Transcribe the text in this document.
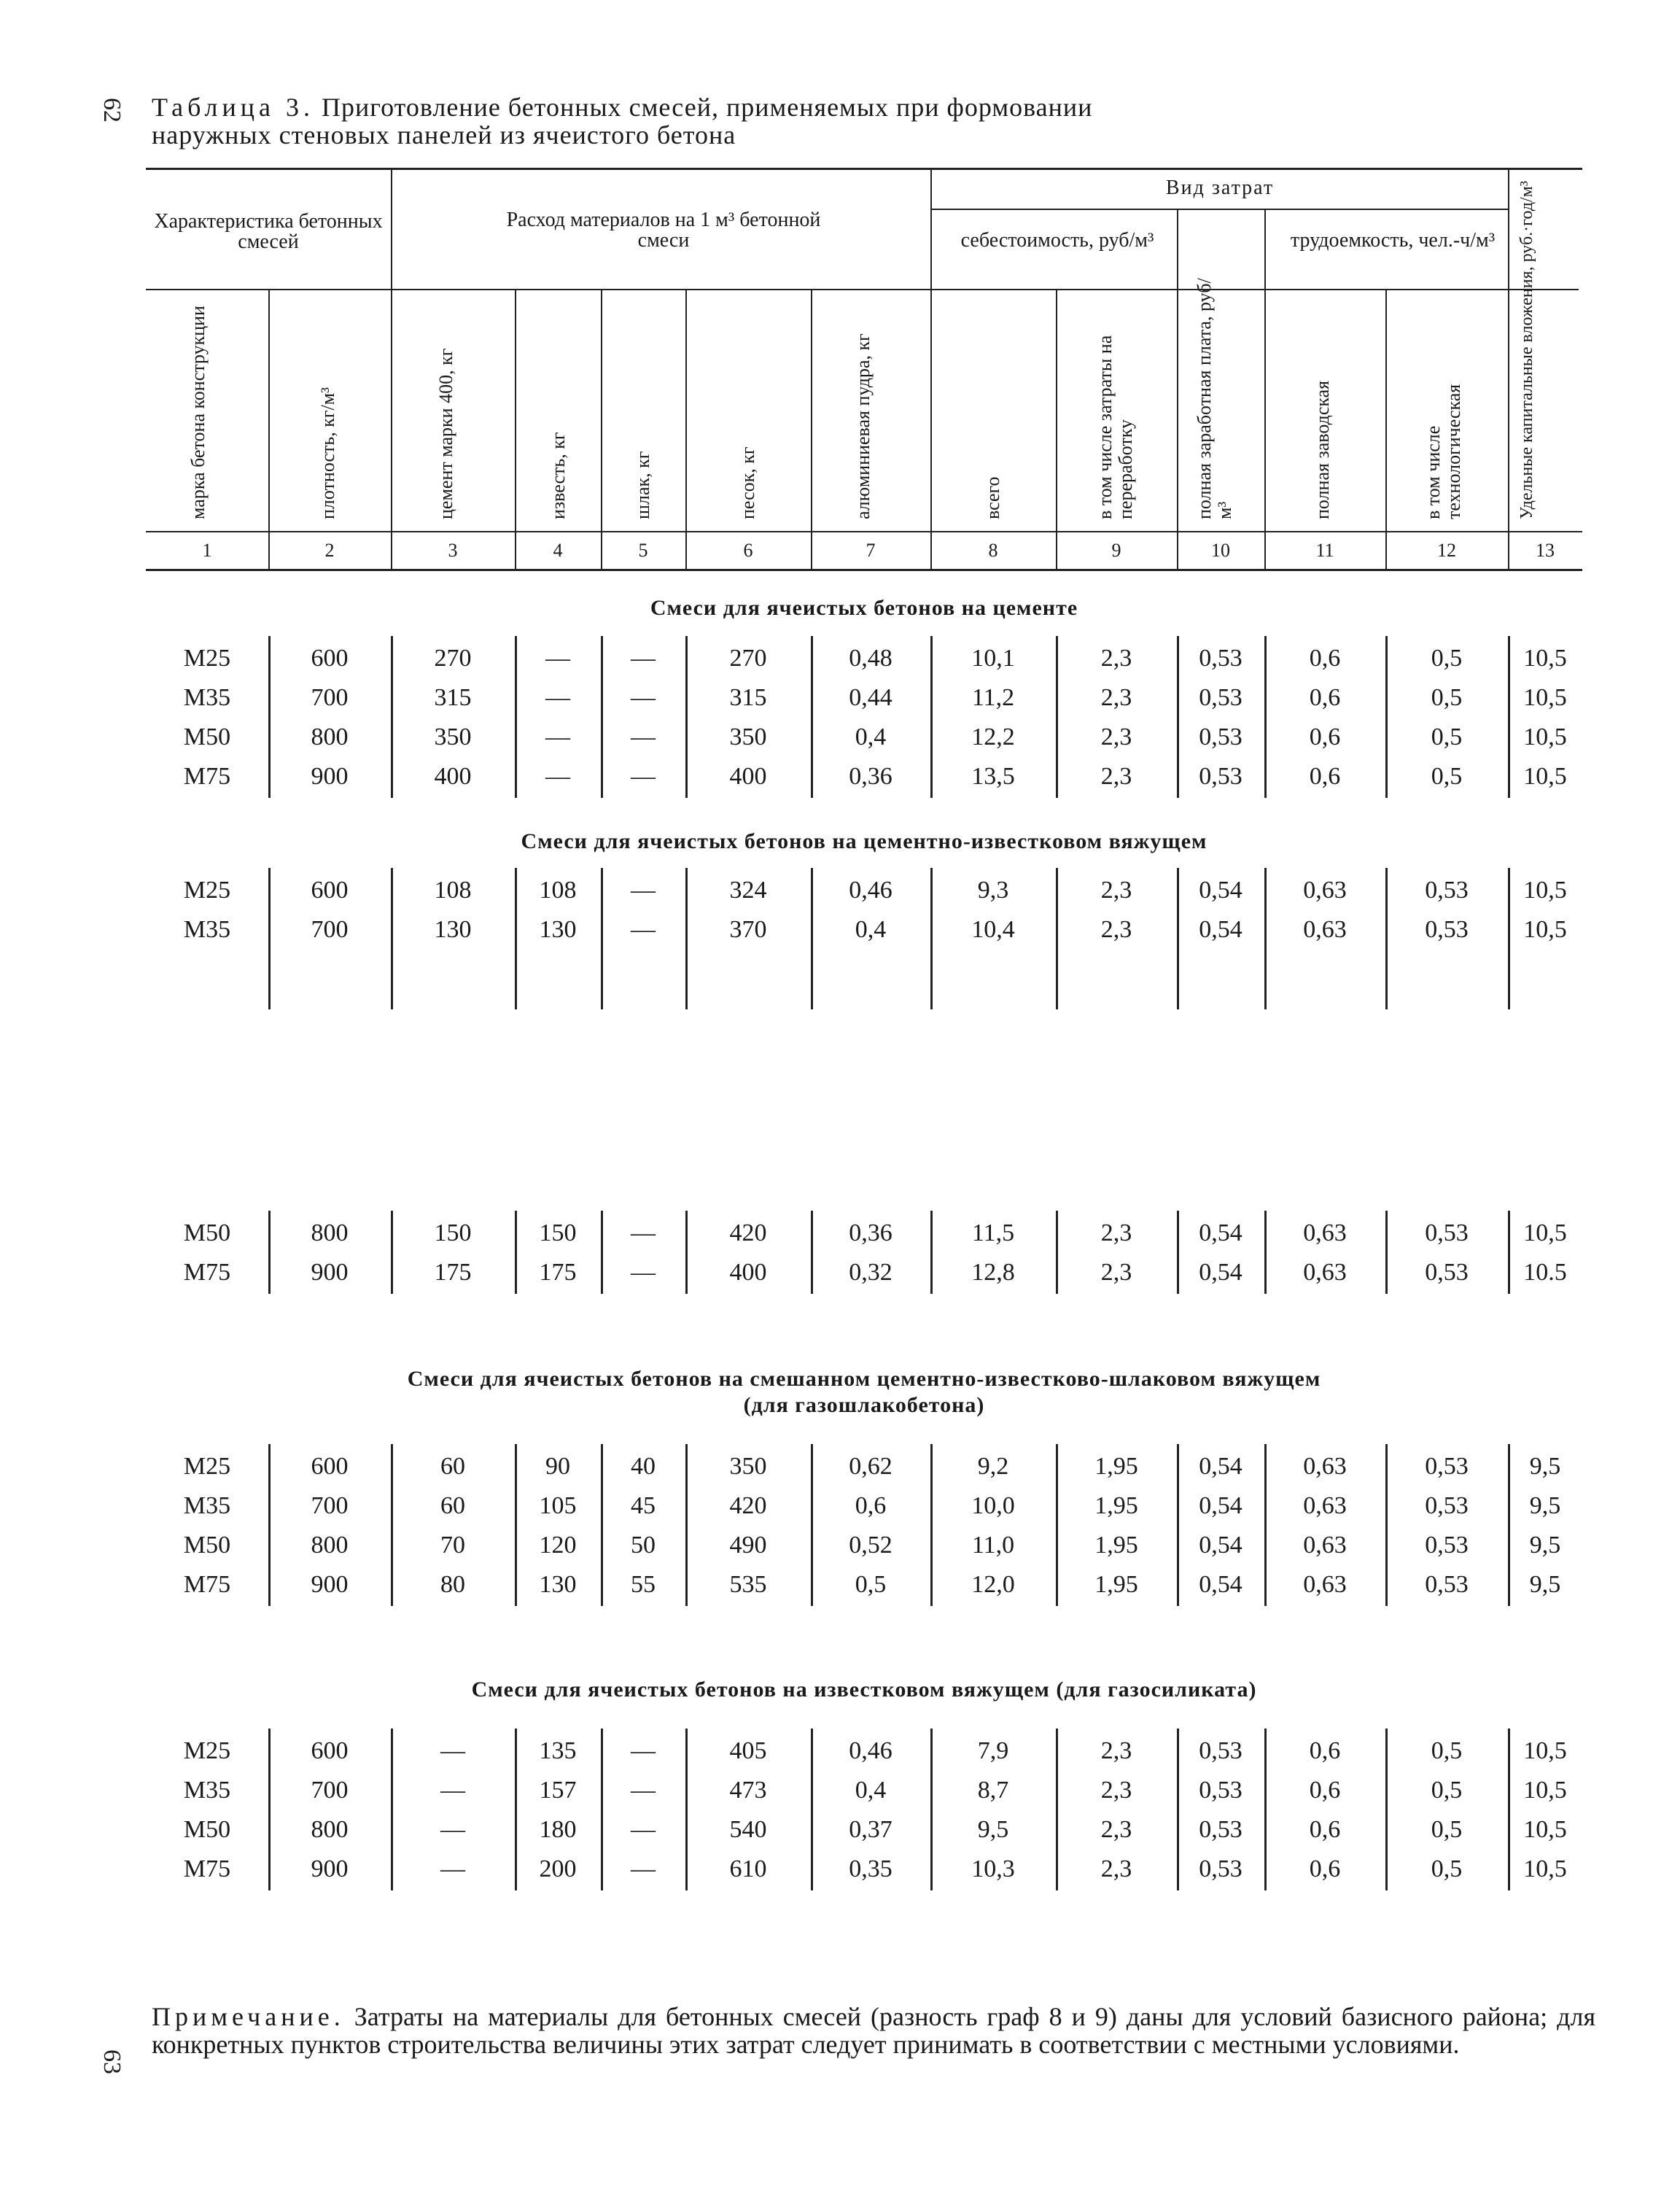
62
63
Таблица 3. Приготовление бетонных смесей, применяемых при формовании
наружных стеновых панелей из ячеистого бетона
Характеристика бетонных смесей
Расход материалов на 1 м³ бетонной смеси
Вид затрат
себестоимость, руб/м³	трудоемкость, чел.-ч/м³
марка бетона конструкции	плотность, кг/м³	цемент марки 400, кг	известь, кг	шлак, кг	песок, кг	алюминиевая пудра, кг	всего	в том числе затраты на переработку	полная заработная плата, руб/м³	полная заводская	в том числе технологическая	Удельные капитальные вложения, руб.·год/м³
1	2	3	4	5	6	7	8	9	10	11	12	13
Смеси для ячеистых бетонов на цементе
Смеси для ячеистых бетонов на цементно-известковом вяжущем
Смеси для ячеистых бетонов на смешанном цементно-известково-шлаковом вяжущем
(для газошлакобетона)
Смеси для ячеистых бетонов на известковом вяжущем (для газосиликата)
М25	600	270	—	—	270	0,48	10,1	2,3	0,53	0,6	0,5	10,5
М35	700	315	—	—	315	0,44	11,2	2,3	0,53	0,6	0,5	10,5
М50	800	350	—	—	350	0,4	12,2	2,3	0,53	0,6	0,5	10,5
М75	900	400	—	—	400	0,36	13,5	2,3	0,53	0,6	0,5	10,5
М25	600	108	108	—	324	0,46	9,3	2,3	0,54	0,63	0,53	10,5
М35	700	130	130	—	370	0,4	10,4	2,3	0,54	0,63	0,53	10,5
М50	800	150	150	—	420	0,36	11,5	2,3	0,54	0,63	0,53	10,5
М75	900	175	175	—	400	0,32	12,8	2,3	0,54	0,63	0,53	10.5
М25	600	60	90	40	350	0,62	9,2	1,95	0,54	0,63	0,53	9,5
М35	700	60	105	45	420	0,6	10,0	1,95	0,54	0,63	0,53	9,5
М50	800	70	120	50	490	0,52	11,0	1,95	0,54	0,63	0,53	9,5
М75	900	80	130	55	535	0,5	12,0	1,95	0,54	0,63	0,53	9,5
М25	600	—	135	—	405	0,46	7,9	2,3	0,53	0,6	0,5	10,5
М35	700	—	157	—	473	0,4	8,7	2,3	0,53	0,6	0,5	10,5
М50	800	—	180	—	540	0,37	9,5	2,3	0,53	0,6	0,5	10,5
М75	900	—	200	—	610	0,35	10,3	2,3	0,53	0,6	0,5	10,5
Примечание. Затраты на материалы для бетонных смесей (разность граф 8 и 9) даны для условий базисного района; для конкретных пунктов строительства величины этих затрат следует принимать в соответствии с местными условиями.
